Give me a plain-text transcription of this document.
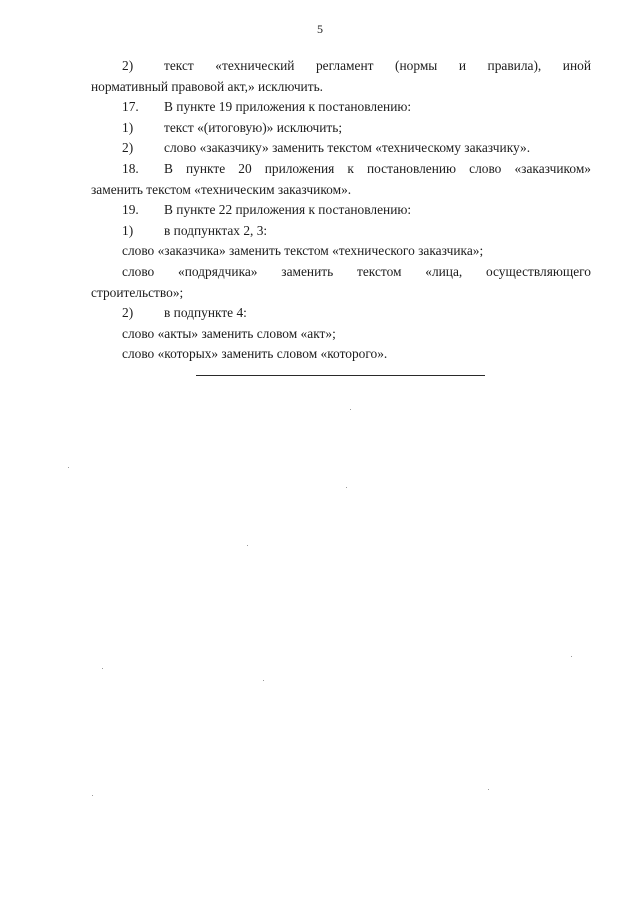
5

2) текст «технический регламент (нормы и правила), иной

нормативный правовой акт,» исключить.

17. В пункте 19 приложения к постановлению:

1) текст «(итоговую)» исключить;

2) слово «заказчику» заменить текстом «техническому заказчику».

18. В пункте 20 приложения к постановлению слово «заказчиком»

заменить текстом «техническим заказчиком».

19. В пункте 22 приложения к постановлению:

1) в подпунктах 2, 3:

слово «заказчика» заменить текстом «технического заказчика»;

слово «подрядчика» заменить текстом «лица, осуществляющего

строительство»;

2) в подпункте 4:

слово «акты» заменить словом «акт»;

слово «которых» заменить словом «которого».
